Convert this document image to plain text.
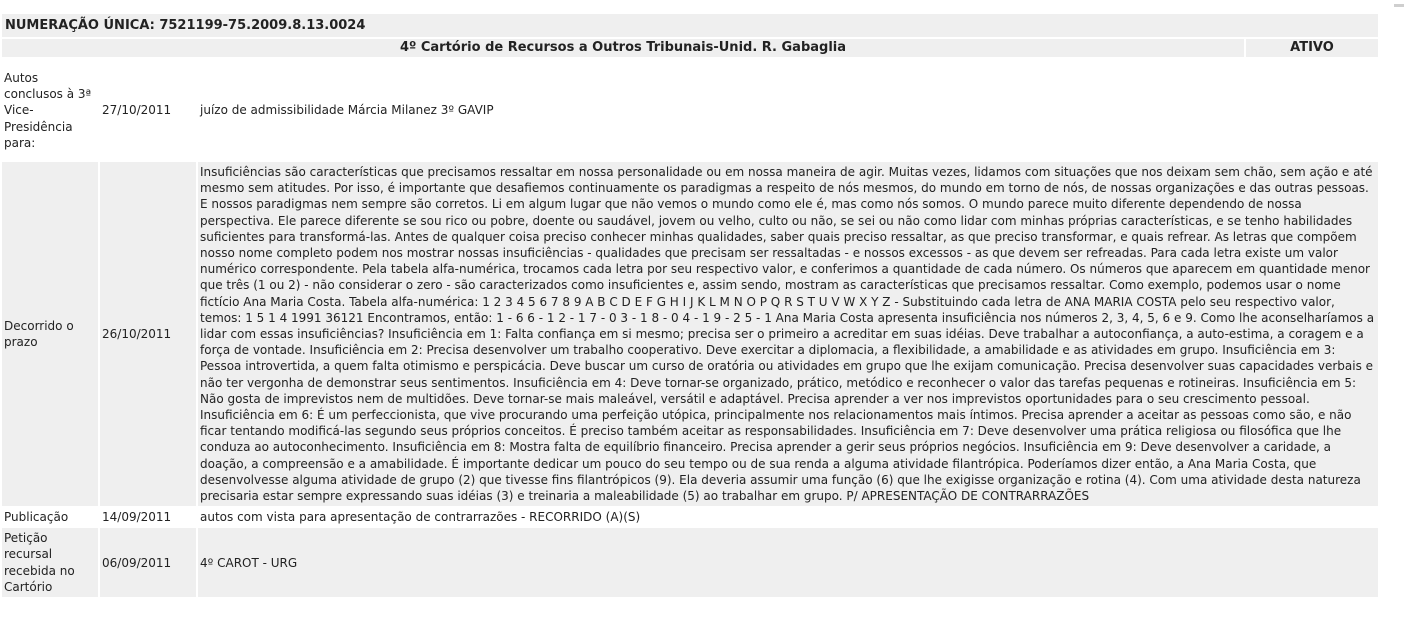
NUMERAÇÃO ÚNICA: 7521199-75.2009.8.13.0024
4º Cartório de Recursos a Outros Tribunais-Unid. R. Gabaglia	ATIVO
Autos conclusos à 3ª Vice-Presidência para:	27/10/2011	juízo de admissibilidade Márcia Milanez 3º GAVIP
Decorrido o prazo	26/10/2011	Insuficiências são características que precisamos ressaltar em nossa personalidade ou em nossa maneira de agir. Muitas vezes, lidamos com situações que nos deixam sem chão, sem ação e até mesmo sem atitudes. Por isso, é importante que desafiemos continuamente os paradigmas a respeito de nós mesmos, do mundo em torno de nós, de nossas organizações e das outras pessoas. E nossos paradigmas nem sempre são corretos. Li em algum lugar que não vemos o mundo como ele é, mas como nós somos. O mundo parece muito diferente dependendo de nossa perspectiva. Ele parece diferente se sou rico ou pobre, doente ou saudável, jovem ou velho, culto ou não, se sei ou não como lidar com minhas próprias características, e se tenho habilidades suficientes para transformá-las. Antes de qualquer coisa preciso conhecer minhas qualidades, saber quais preciso ressaltar, as que preciso transformar, e quais refrear. As letras que compõem nosso nome completo podem nos mostrar nossas insuficiências - qualidades que precisam ser ressaltadas - e nossos excessos - as que devem ser refreadas. Para cada letra existe um valor numérico correspondente. Pela tabela alfa-numérica, trocamos cada letra por seu respectivo valor, e conferimos a quantidade de cada número. Os números que aparecem em quantidade menor que três (1 ou 2) - não considerar o zero - são caracterizados como insuficientes e, assim sendo, mostram as características que precisamos ressaltar. Como exemplo, podemos usar o nome fictício Ana Maria Costa. Tabela alfa-numérica: 1 2 3 4 5 6 7 8 9 A B C D E F G H I J K L M N O P Q R S T U V W X Y Z - Substituindo cada letra de ANA MARIA COSTA pelo seu respectivo valor, temos: 1 5 1 4 1991 36121 Encontramos, então: 1 - 6 6 - 1 2 - 1 7 - 0 3 - 1 8 - 0 4 - 1 9 - 2 5 - 1 Ana Maria Costa apresenta insuficiência nos números 2, 3, 4, 5, 6 e 9. Como lhe aconselharíamos a lidar com essas insuficiências? Insuficiência em 1: Falta confiança em si mesmo; precisa ser o primeiro a acreditar em suas idéias. Deve trabalhar a autoconfiança, a auto-estima, a coragem e a força de vontade. Insuficiência em 2: Precisa desenvolver um trabalho cooperativo. Deve exercitar a diplomacia, a flexibilidade, a amabilidade e as atividades em grupo. Insuficiência em 3: Pessoa introvertida, a quem falta otimismo e perspicácia. Deve buscar um curso de oratória ou atividades em grupo que lhe exijam comunicação. Precisa desenvolver suas capacidades verbais e não ter vergonha de demonstrar seus sentimentos. Insuficiência em 4: Deve tornar-se organizado, prático, metódico e reconhecer o valor das tarefas pequenas e rotineiras. Insuficiência em 5: Não gosta de imprevistos nem de multidões. Deve tornar-se mais maleável, versátil e adaptável. Precisa aprender a ver nos imprevistos oportunidades para o seu crescimento pessoal. Insuficiência em 6: É um perfeccionista, que vive procurando uma perfeição utópica, principalmente nos relacionamentos mais íntimos. Precisa aprender a aceitar as pessoas como são, e não ficar tentando modificá-las segundo seus próprios conceitos. É preciso também aceitar as responsabilidades. Insuficiência em 7: Deve desenvolver uma prática religiosa ou filosófica que lhe conduza ao autoconhecimento. Insuficiência em 8: Mostra falta de equilíbrio financeiro. Precisa aprender a gerir seus próprios negócios. Insuficiência em 9: Deve desenvolver a caridade, a doação, a compreensão e a amabilidade. É importante dedicar um pouco do seu tempo ou de sua renda a alguma atividade filantrópica. Poderíamos dizer então, a Ana Maria Costa, que desenvolvesse alguma atividade de grupo (2) que tivesse fins filantrópicos (9). Ela deveria assumir uma função (6) que lhe exigisse organização e rotina (4). Com uma atividade desta natureza precisaria estar sempre expressando suas idéias (3) e treinaria a maleabilidade (5) ao trabalhar em grupo. P/ APRESENTAÇÃO DE CONTRARRAZÕES
Publicação	14/09/2011	autos com vista para apresentação de contrarrazões - RECORRIDO (A)(S)
Petição recursal recebida no Cartório	06/09/2011	4º CAROT - URG
